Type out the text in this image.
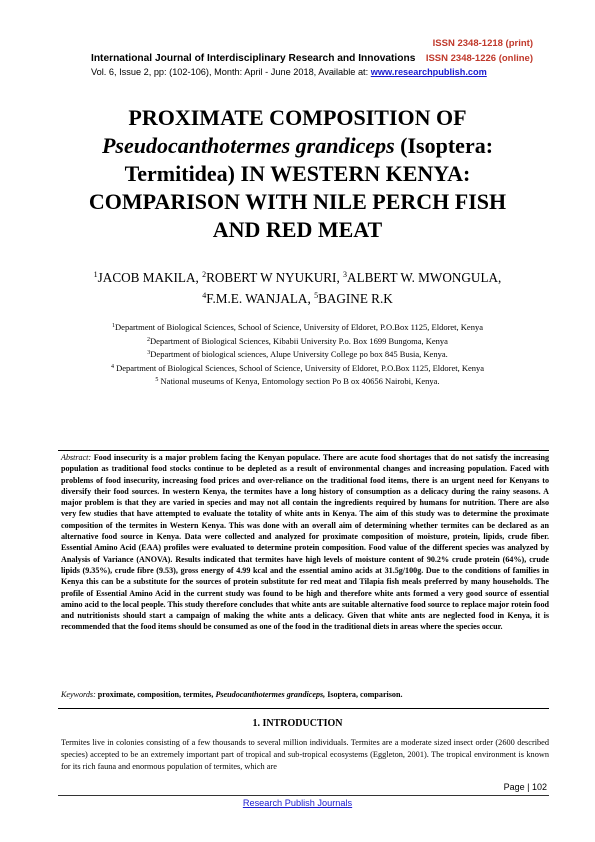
ISSN 2348-1218 (print)
ISSN 2348-1226 (online)
International Journal of Interdisciplinary Research and Innovations
Vol. 6, Issue 2, pp: (102-106), Month: April - June 2018, Available at: www.researchpublish.com
PROXIMATE COMPOSITION OF
Pseudocanthotermes grandiceps (Isoptera:
Termitidea) IN WESTERN KENYA:
COMPARISON WITH NILE PERCH FISH
AND RED MEAT
$^1$JACOB MAKILA, $^2$ROBERT W NYUKURI, $^3$ALBERT W. MWONGULA,
$^4$F.M.E. WANJALA, $^5$BAGINE R.K
$^1$Department of Biological Sciences, School of Science, University of Eldoret, P.O.Box 1125, Eldoret, Kenya
$^2$Department of Biological Sciences, Kibabii University P.o. Box 1699 Bungoma, Kenya
$^3$Department of biological sciences, Alupe University College po box 845 Busia, Kenya.
$^4$ Department of Biological Sciences, School of Science, University of Eldoret, P.O.Box 1125, Eldoret, Kenya
$^5$ National museums of Kenya, Entomology section Po B ox 40656 Nairobi, Kenya.
Abstract: Food insecurity is a major problem facing the Kenyan populace. There are acute food shortages that do not satisfy the increasing population as traditional food stocks continue to be depleted as a result of environmental changes and increasing population. Faced with problems of food insecurity, increasing food prices and over-reliance on the traditional food items, there is an urgent need for Kenyans to diversify their food sources. In western Kenya, the termites have a long history of consumption as a delicacy during the rainy seasons. A major problem is that they are varied in species and may not all contain the ingredients required by humans for nutrition. There are also very few studies that have attempted to evaluate the totality of white ants in Kenya. The aim of this study was to determine the proximate composition of the termites in Western Kenya. This was done with an overall aim of determining whether termites can be declared as an alternative food source in Kenya. Data were collected and analyzed for proximate composition of moisture, protein, lipids, crude fiber. Essential Amino Acid (EAA) profiles were evaluated to determine protein composition. Food value of the different species was analyzed by Analysis of Variance (ANOVA). Results indicated that termites have high levels of moisture content of 90.2% crude protein (64%), crude lipids (9.35%), crude fibre (9.53), gross energy of 4.99 kcal and the essential amino acids at 31.5g/100g. Due to the conditions of families in Kenya this can be a substitute for the sources of protein substitute for red meat and Tilapia fish meals preferred by many households. The profile of Essential Amino Acid in the current study was found to be high and therefore white ants formed a very good source of essential amino acid to the local people. This study therefore concludes that white ants are suitable alternative food source to replace major rotein food and nutritionists should start a campaign of making the white ants a delicacy. Given that white ants are neglected food in Kenya, it is recommended that the food items should be consumed as one of the food in the traditional diets in areas where the species occur.
Keywords: proximate, composition, termites, Pseudocanthotermes grandiceps, Isoptera, comparison.
1. INTRODUCTION
Termites live in colonies consisting of a few thousands to several million individuals. Termites are a moderate sized insect order (2600 described species) accepted to be an extremely important part of tropical and sub-tropical ecosystems (Eggleton, 2001). The tropical environment is known for its rich fauna and enormous population of termites, which are
Page | 102
Research Publish Journals
